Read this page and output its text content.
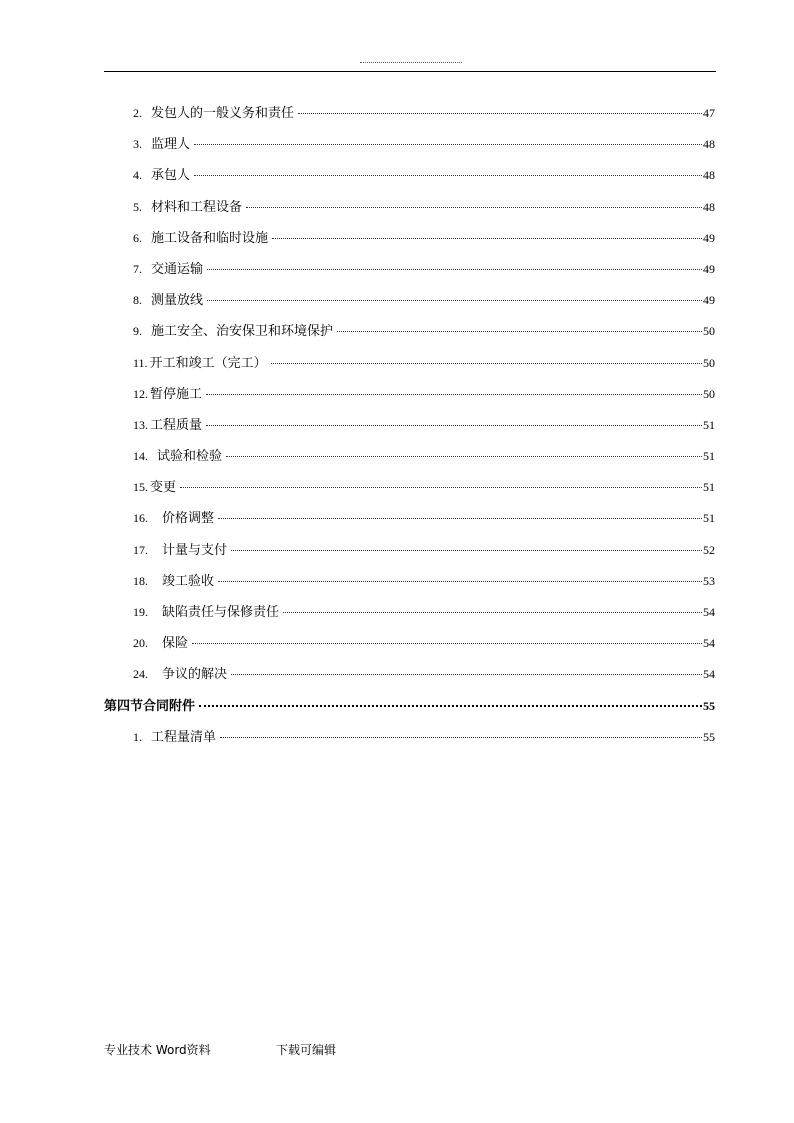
2. 发包人的一般义务和责任	47
3. 监理人	48
4. 承包人	48
5. 材料和工程设备	48
6. 施工设备和临时设施	49
7. 交通运输	49
8. 测量放线	49
9. 施工安全、治安保卫和环境保护	50
11. 开工和竣工（完工）	50
12. 暂停施工	50
13. 工程质量	51
14. 试验和检验	51
15. 变更	51
16. 价格调整	51
17. 计量与支付	52
18. 竣工验收	53
19. 缺陷责任与保修责任	54
20. 保险	54
24. 争议的解决	54
第四节合同附件	55
1. 工程量清单	55
专业技术 Word资料	下载可编辑
